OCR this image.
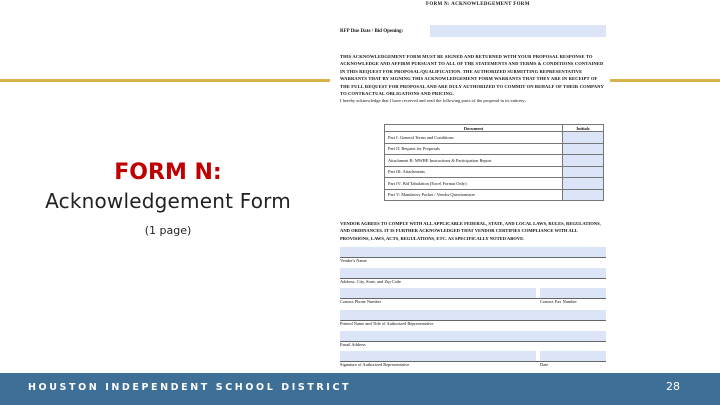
FORM N:
Acknowledgement Form
(1 page)
FORM N: ACKNOWLEDGEMENT FORM
RFP Due Date / Bid Opening:
THIS ACKNOWLEDGEMENT FORM MUST BE SIGNED AND RETURNED WITH YOUR PROPOSAL RESPONSE TO ACKNOWLEDGE AND AFFIRM PURSUANT TO ALL OF THE STATEMENTS AND TERMS & CONDITIONS CONTAINED IN THIS REQUEST FOR PROPOSAL/QUALIFICATION. THE AUTHORIZED SUBMITTING REPRESENTATIVE WARRANTS THAT BY SIGNING THIS ACKNOWLEDGEMENT FORM WARRANTS THAT THEY ARE IN RECEIPT OF THE FULL REQUEST FOR PROPOSAL AND ARE DULY AUTHORIZED TO COMMIT ON BEHALF OF THEIR COMPANY TO CONTRACTUAL OBLIGATIONS AND PRICING.
I hereby acknowledge that I have received and read the following parts of the proposal in its entirety:
Document	Initials
Part I: General Terms and Conditions	
Part II: Request for Proposals	
Attachment B: MWBE Instructions & Participation Report	
Part III: Attachments	
Part IV: Bid Tabulation (Excel Format Only)	
Part V: Mandatory Packet / Vendor Questionnaire	
VENDOR AGREES TO COMPLY WITH ALL APPLICABLE FEDERAL, STATE, AND LOCAL LAWS, RULES, REGULATIONS, AND ORDINANCES. IT IS FURTHER ACKNOWLEDGED THAT VENDOR CERTIFIES COMPLIANCE WITH ALL PROVISIONS, LAWS, ACTS, REGULATIONS, ETC. AS SPECIFICALLY NOTED ABOVE.
Vendor's Name
Address, City, State, and Zip Code
Contact Phone Number	Contact Fax Number
Printed Name and Title of Authorized Representative
Email Address
Signature of Authorized Representative	Date
HOUSTON INDEPENDENT SCHOOL DISTRICT	28
